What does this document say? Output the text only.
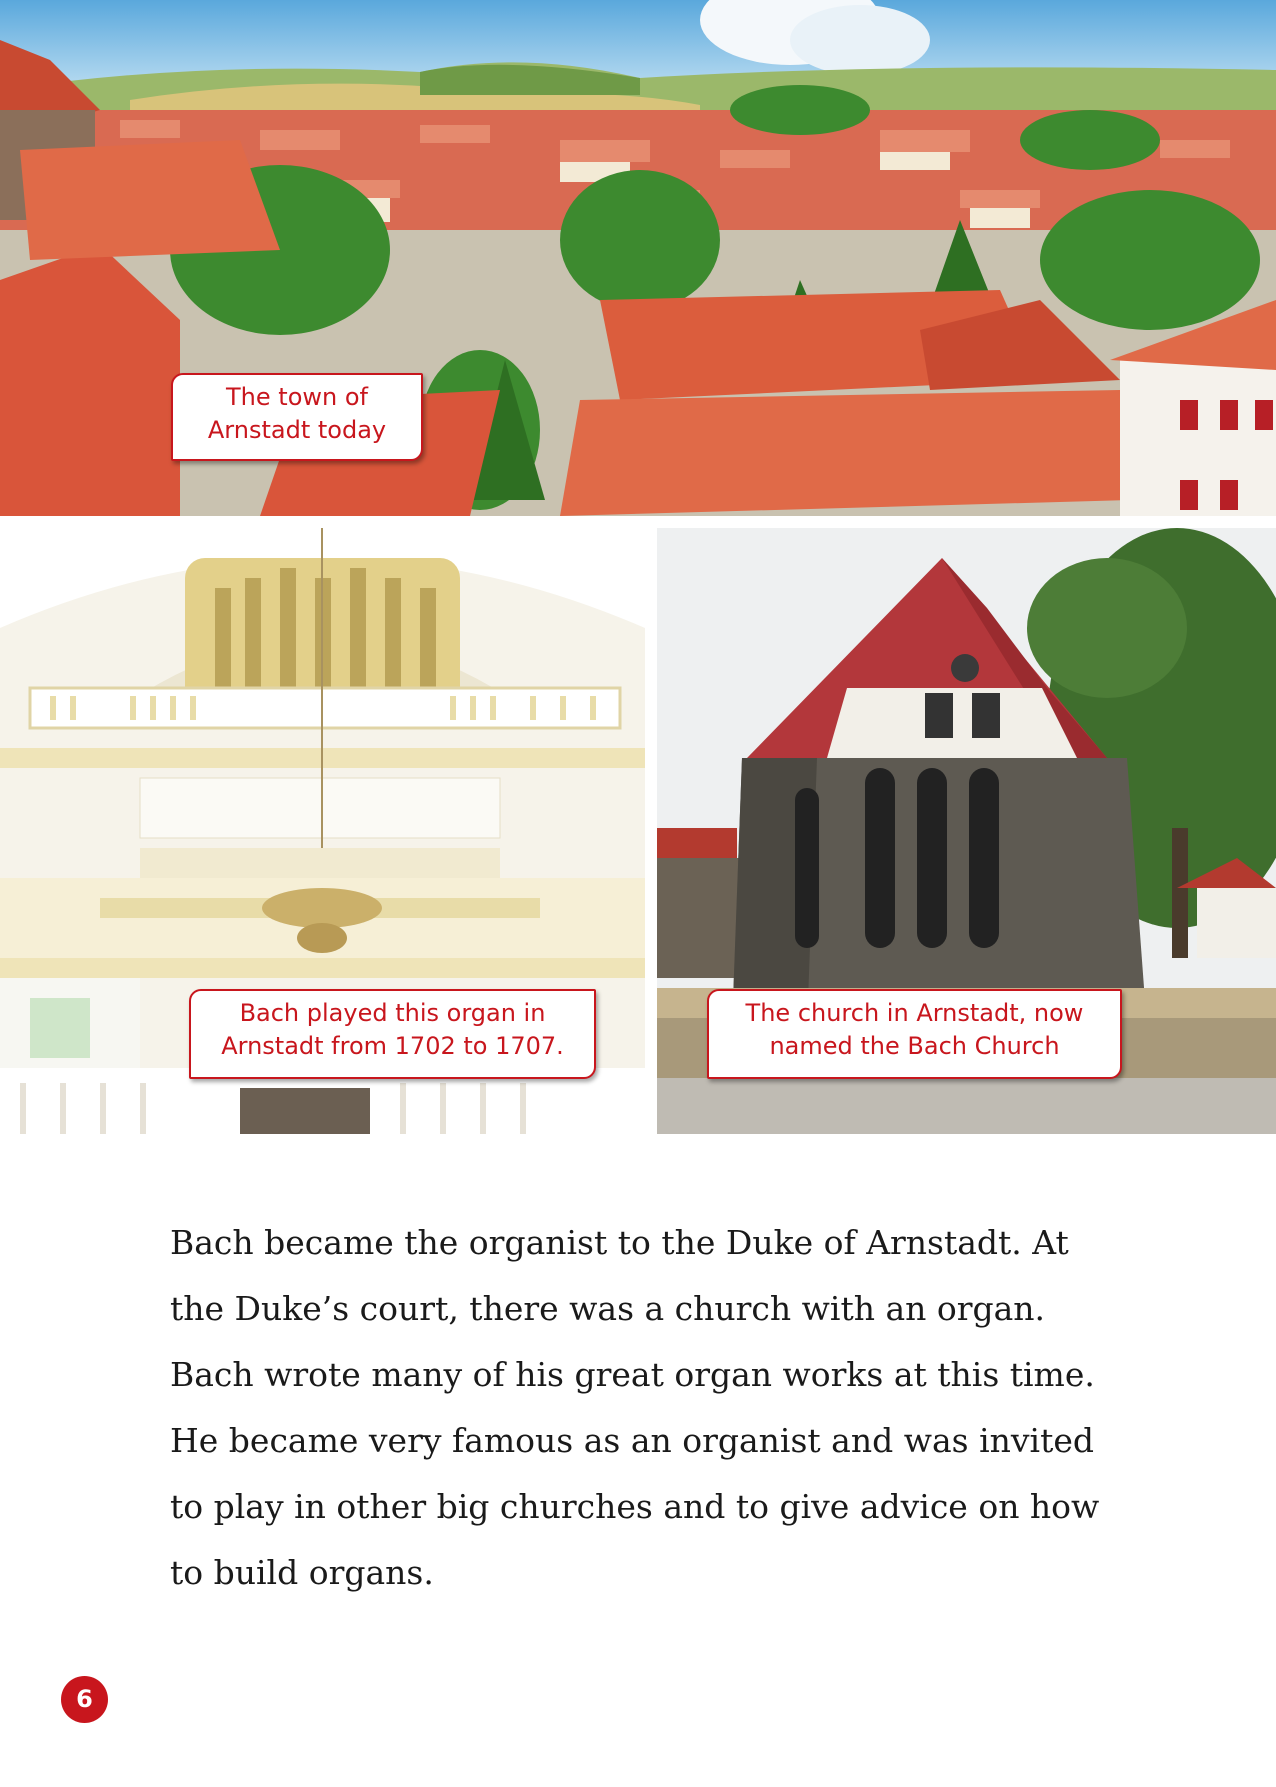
The town of
Arnstadt today
Bach played this organ in
Arnstadt from 1702 to 1707.
The church in Arnstadt, now
named the Bach Church

Bach became the organist to the Duke of Arnstadt. At
the Duke’s court, there was a church with an organ.
Bach wrote many of his great organ works at this time.
He became very famous as an organist and was invited
to play in other big churches and to give advice on how
to build organs.

6
